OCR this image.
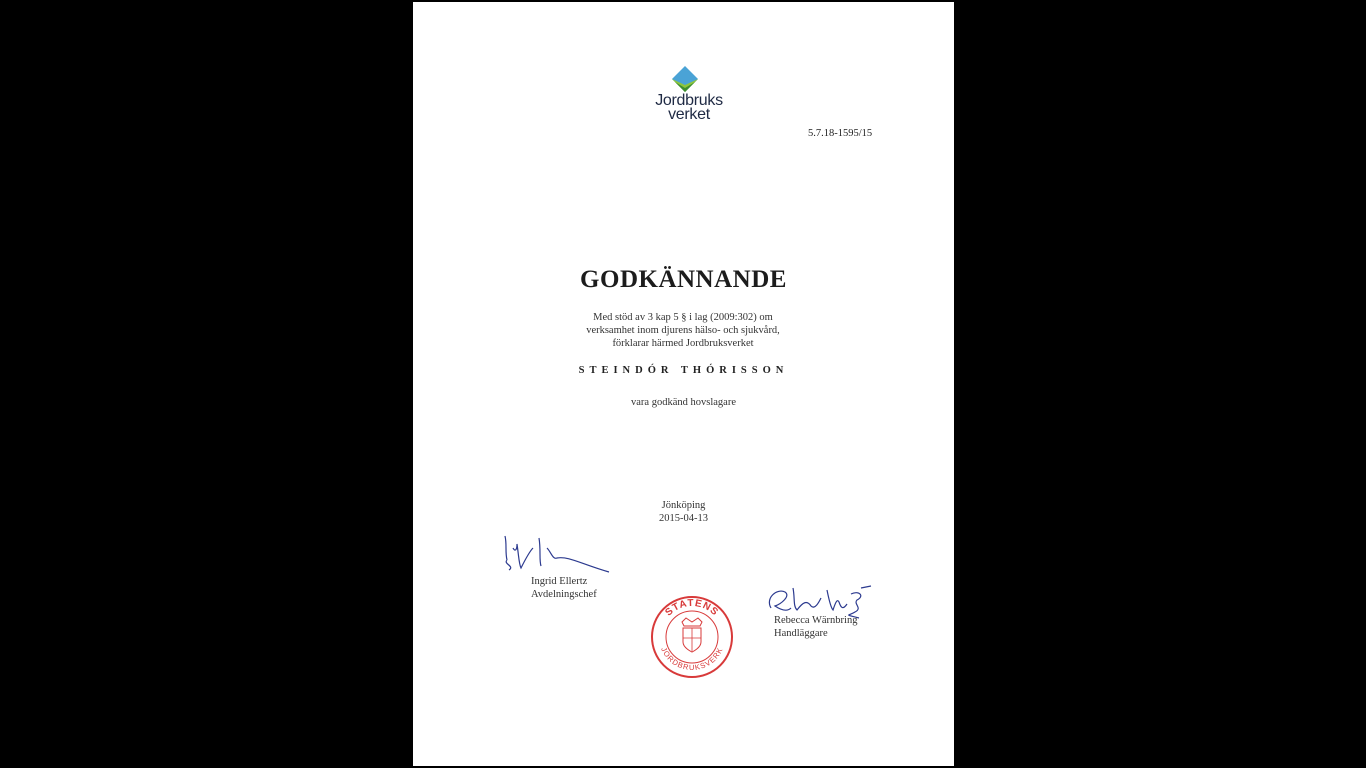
Jordbruks
verket
5.7.18-1595/15
GODKÄNNANDE
Med stöd av 3 kap 5 § i lag (2009:302) om
verksamhet inom djurens hälso- och sjukvård,
förklarar härmed Jordbruksverket
STEINDÓR THÓRISSON
vara godkänd hovslagare
Jönköping
2015-04-13
Ingrid Ellertz
Avdelningschef
Rebecca Wärnbring
Handläggare
STATENS
JORDBRUKSVERK
